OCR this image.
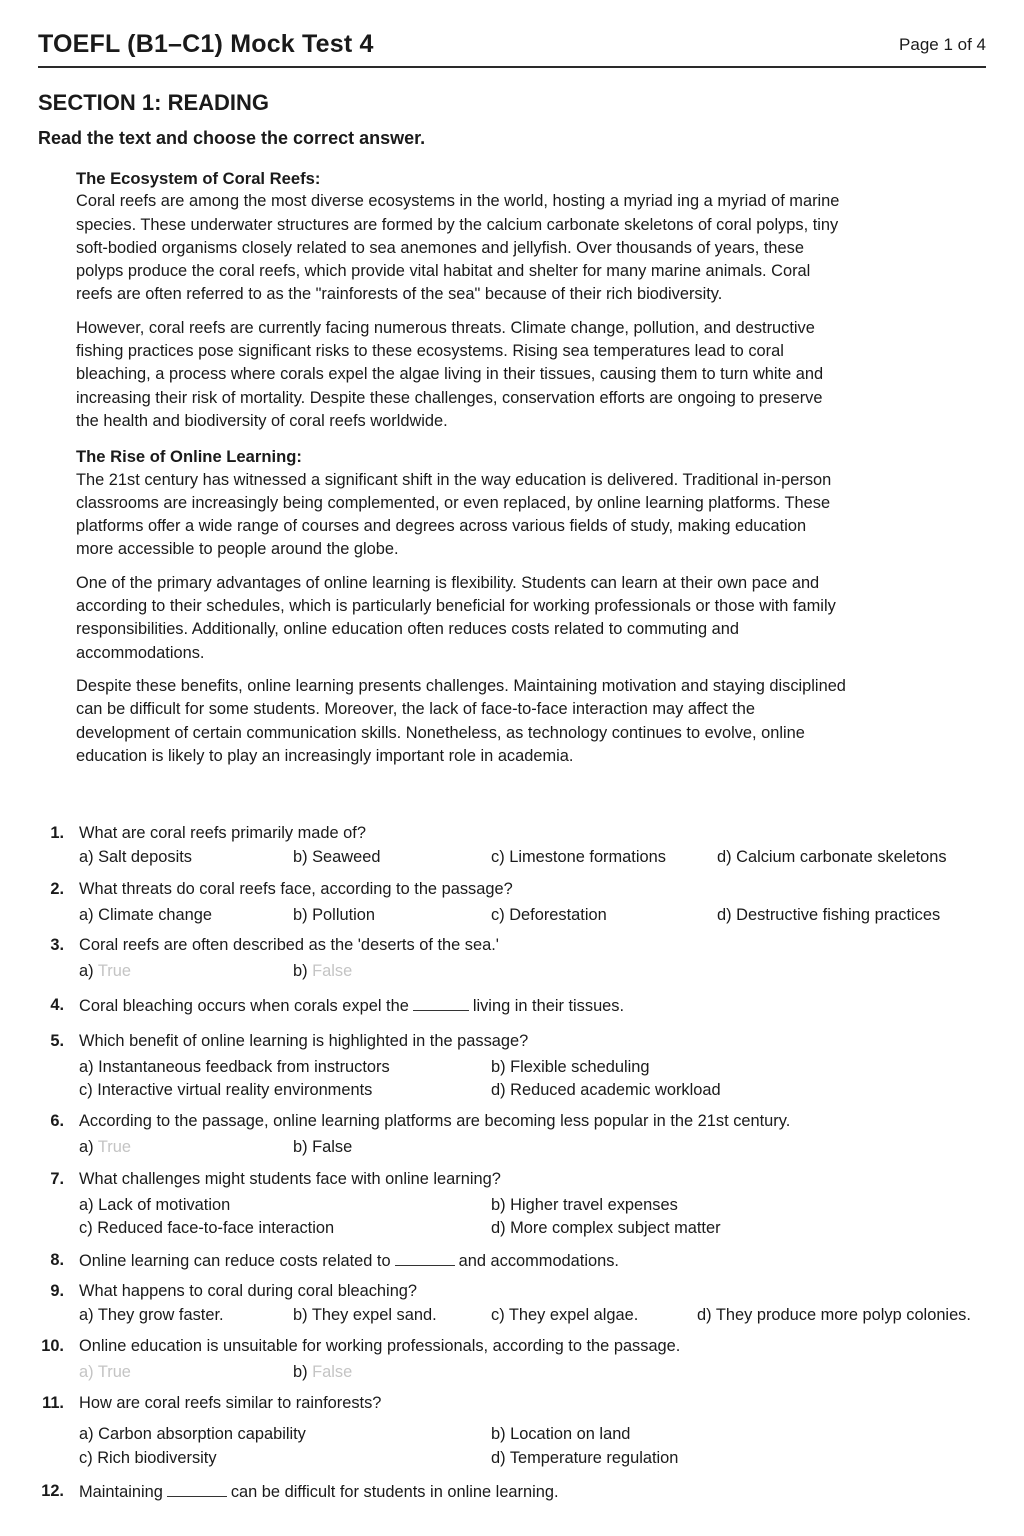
TOEFL (B1–C1) Mock Test 4	Page 1 of 4
SECTION 1: READING
Read the text and choose the correct answer.

The Ecosystem of Coral Reefs:

Coral reefs are among the most diverse ecosystems in the world, hosting a myriad ing a myriad of marine species. These underwater structures are formed by the calcium carbonate skeletons of coral polyps, tiny soft-bodied organisms closely related to sea anemones and jellyfish. Over thousands of years, these polyps produce the coral reefs, which provide vital habitat and shelter for many marine animals. Coral reefs are often referred to as the "rainforests of the sea" because of their rich biodiversity.

However, coral reefs are currently facing numerous threats. Climate change, pollution, and destructive fishing practices pose significant risks to these ecosystems. Rising sea temperatures lead to coral bleaching, a process where corals expel the algae living in their tissues, causing them to turn white and increasing their risk of mortality. Despite these challenges, conservation efforts are ongoing to preserve the health and biodiversity of coral reefs worldwide.

The Rise of Online Learning:

The 21st century has witnessed a significant shift in the way education is delivered. Traditional in-person classrooms are increasingly being complemented, or even replaced, by online learning platforms. These platforms offer a wide range of courses and degrees across various fields of study, making education more accessible to people around the globe.

One of the primary advantages of online learning is flexibility. Students can learn at their own pace and according to their schedules, which is particularly beneficial for working professionals or those with family responsibilities. Additionally, online education often reduces costs related to commuting and accommodations.

Despite these benefits, online learning presents challenges. Maintaining motivation and staying disciplined can be difficult for some students. Moreover, the lack of face-to-face interaction may affect the development of certain communication skills. Nonetheless, as technology continues to evolve, online education is likely to play an increasingly important role in academia.

1. What are coral reefs primarily made of?
a) Salt deposits	b) Seaweed	c) Limestone formations	d) Calcium carbonate skeletons
2. What threats do coral reefs face, according to the passage?
a) Climate change	b) Pollution	c) Deforestation	d) Destructive fishing practices
3. Coral reefs are often described as the 'deserts of the sea.'
a) True	b) False
4. Coral bleaching occurs when corals expel the	living in their tissues.
5. Which benefit of online learning is highlighted in the passage?
a) Instantaneous feedback from instructors	b) Flexible scheduling
c) Interactive virtual reality environments	d) Reduced academic workload
6. According to the passage, online learning platforms are becoming less popular in the 21st century.
a) True	b) False
7. What challenges might students face with online learning?
a) Lack of motivation	b) Higher travel expenses
c) Reduced face-to-face interaction	d) More complex subject matter
8. Online learning can reduce costs related to	and accommodations.
9. What happens to coral during coral bleaching?
a) They grow faster.	b) They expel sand.	c) They expel algae.	d) They produce more polyp colonies.
10. Online education is unsuitable for working professionals, according to the passage.
a) True	b) False
11. How are coral reefs similar to rainforests?
a) Carbon absorption capability	b) Location on land
c) Rich biodiversity	d) Temperature regulation
12. Maintaining	can be difficult for students in online learning.
